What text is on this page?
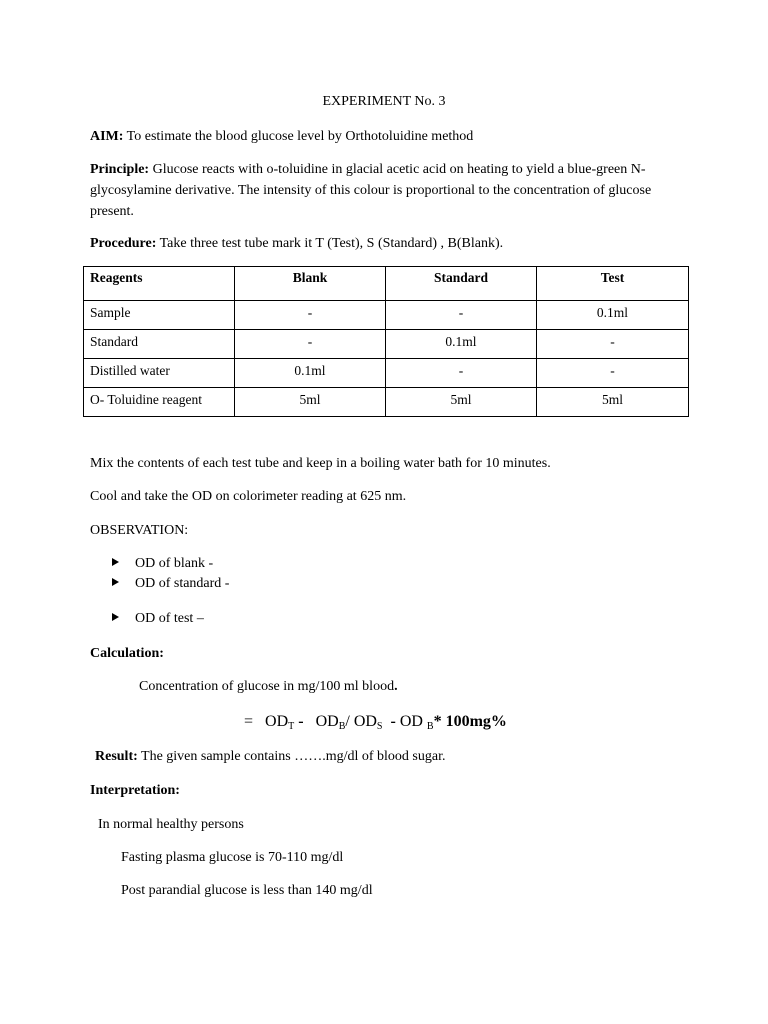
EXPERIMENT No. 3
AIM: To estimate the blood glucose level by Orthotoluidine method
Principle: Glucose reacts with o-toluidine in glacial acetic acid on heating to yield a blue-green N-glycosylamine derivative. The intensity of this colour is proportional to the concentration of glucose present.
Procedure: Take three test tube mark it T (Test), S (Standard) , B(Blank).
Reagents	Blank	Standard	Test
Sample	-	-	0.1ml
Standard	-	0.1ml	-
Distilled water	0.1ml	-	-
O- Toluidine reagent	5ml	5ml	5ml
Mix the contents of each test tube and keep in a boiling water bath for 10 minutes.
Cool and take the OD on colorimeter reading at 625 nm.
OBSERVATION:
OD of blank -
OD of standard -
OD of test –
Calculation:
Concentration of glucose in mg/100 ml blood.
= $OD_T - OD_B/$ $OD_S$ - OD $_B$* 100mg%
Result: The given sample contains …….mg/dl of blood sugar.
Interpretation:
In normal healthy persons
Fasting plasma glucose is 70-110 mg/dl
Post parandial glucose is less than 140 mg/dl
